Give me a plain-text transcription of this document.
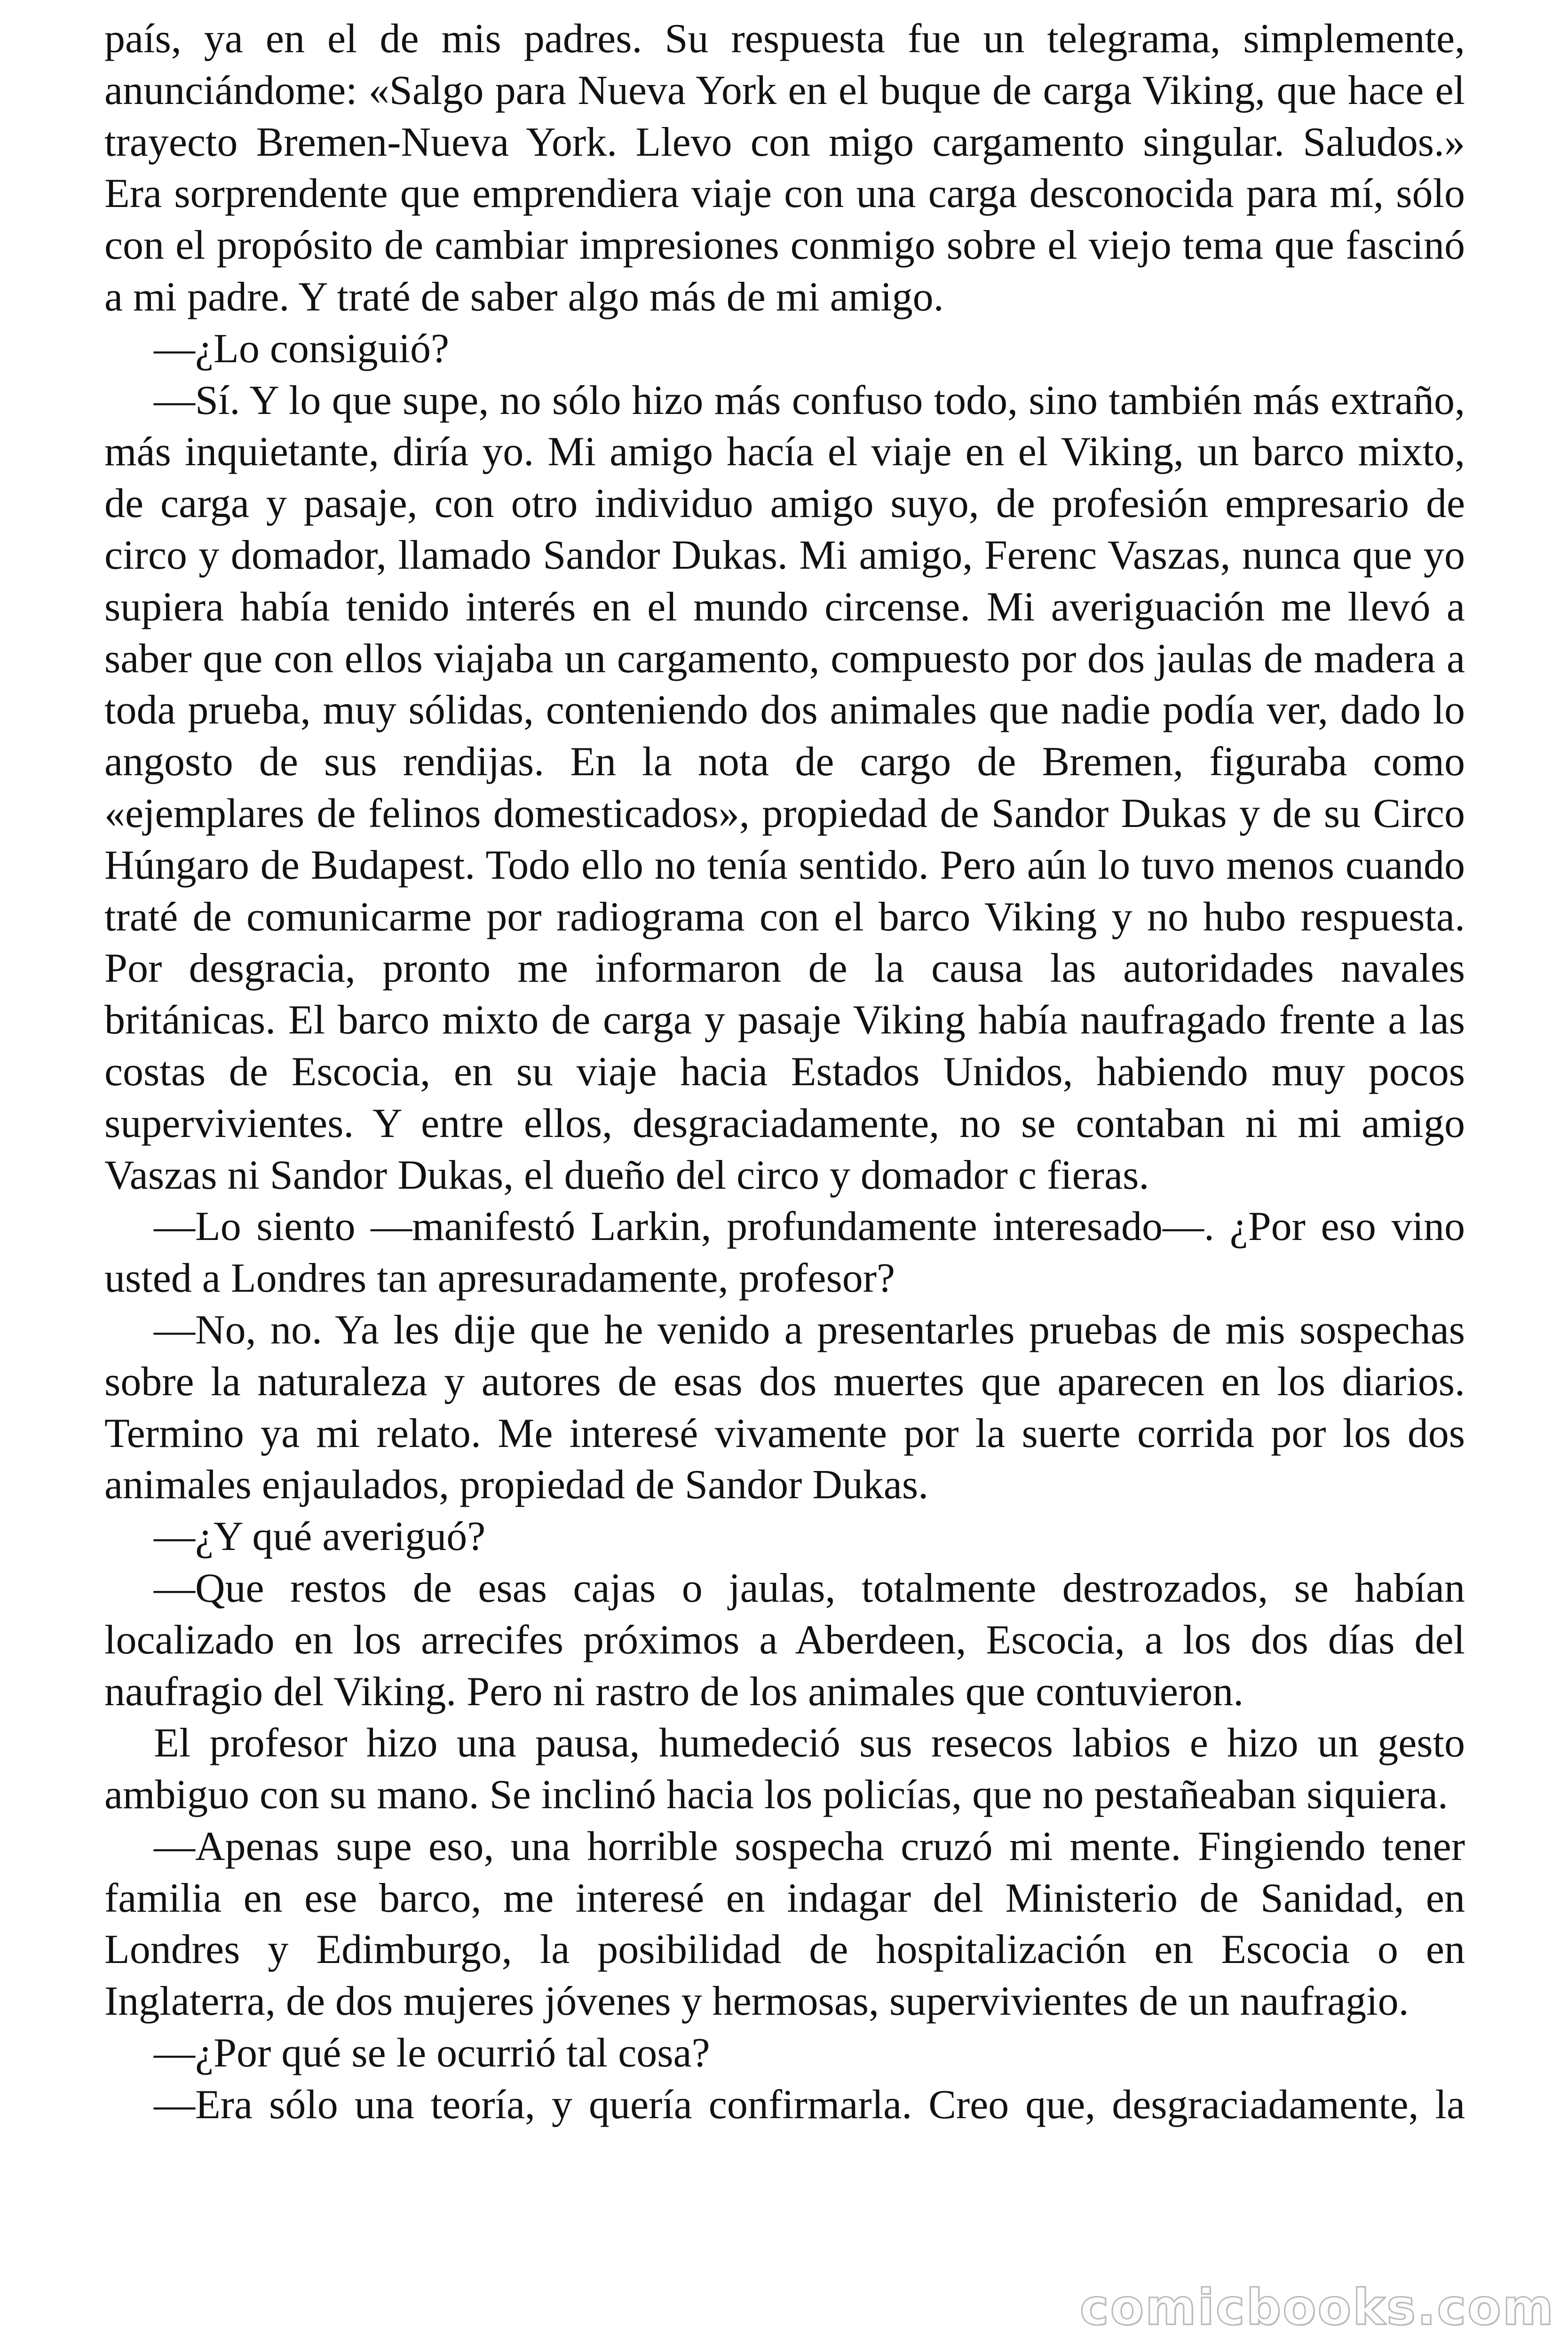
país, ya en el de mis padres. Su respuesta fue un telegrama, simplemente, anunciándome: «Salgo para Nueva York en el buque de carga Viking, que hace el trayecto Bremen-Nueva York. Llevo con migo cargamento singular. Saludos.» Era sorprendente que emprendiera viaje con una carga desconocida para mí, sólo con el propósito de cambiar impresiones conmigo sobre el viejo tema que fascinó a mi padre. Y traté de saber algo más de mi amigo.

—¿Lo consiguió?

—Sí. Y lo que supe, no sólo hizo más confuso todo, sino también más extraño, más inquietante, diría yo. Mi amigo hacía el viaje en el Viking, un barco mixto, de carga y pasaje, con otro individuo amigo suyo, de profesión empresario de circo y domador, llamado Sandor Dukas. Mi amigo, Ferenc Vaszas, nunca que yo supiera había tenido interés en el mundo circense. Mi averiguación me llevó a saber que con ellos viajaba un cargamento, compuesto por dos jaulas de madera a toda prueba, muy sólidas, conteniendo dos animales que nadie podía ver, dado lo angosto de sus rendijas. En la nota de cargo de Bremen, figuraba como «ejemplares de felinos domesticados», propiedad de Sandor Dukas y de su Circo Húngaro de Budapest. Todo ello no tenía sentido. Pero aún lo tuvo menos cuando traté de comunicarme por radiograma con el barco Viking y no hubo respuesta. Por desgracia, pronto me informaron de la causa las autoridades navales británicas. El barco mixto de carga y pasaje Viking había naufragado frente a las costas de Escocia, en su viaje hacia Estados Unidos, habiendo muy pocos supervivientes. Y entre ellos, desgraciadamente, no se contaban ni mi amigo Vaszas ni Sandor Dukas, el dueño del circo y domador c fieras.

—Lo siento —manifestó Larkin, profundamente interesado—. ¿Por eso vino usted a Londres tan apresuradamente, profesor?

—No, no. Ya les dije que he venido a presentarles pruebas de mis sospechas sobre la naturaleza y autores de esas dos muertes que aparecen en los diarios. Termino ya mi relato. Me interesé vivamente por la suerte corrida por los dos animales enjaulados, propiedad de Sandor Dukas.

—¿Y qué averiguó?

—Que restos de esas cajas o jaulas, totalmente destrozados, se habían localizado en los arrecifes próximos a Aberdeen, Escocia, a los dos días del naufragio del Viking. Pero ni rastro de los animales que contuvieron.

El profesor hizo una pausa, humedeció sus resecos labios e hizo un gesto ambiguo con su mano. Se inclinó hacia los policías, que no pestañeaban siquiera.

—Apenas supe eso, una horrible sospecha cruzó mi mente. Fingiendo tener familia en ese barco, me interesé en indagar del Ministerio de Sanidad, en Londres y Edimburgo, la posibilidad de hospitalización en Escocia o en Inglaterra, de dos mujeres jóvenes y hermosas, supervivientes de un naufragio.

—¿Por qué se le ocurrió tal cosa?

—Era sólo una teoría, y quería confirmarla. Creo que, desgraciadamente, la

comicbooks.com
